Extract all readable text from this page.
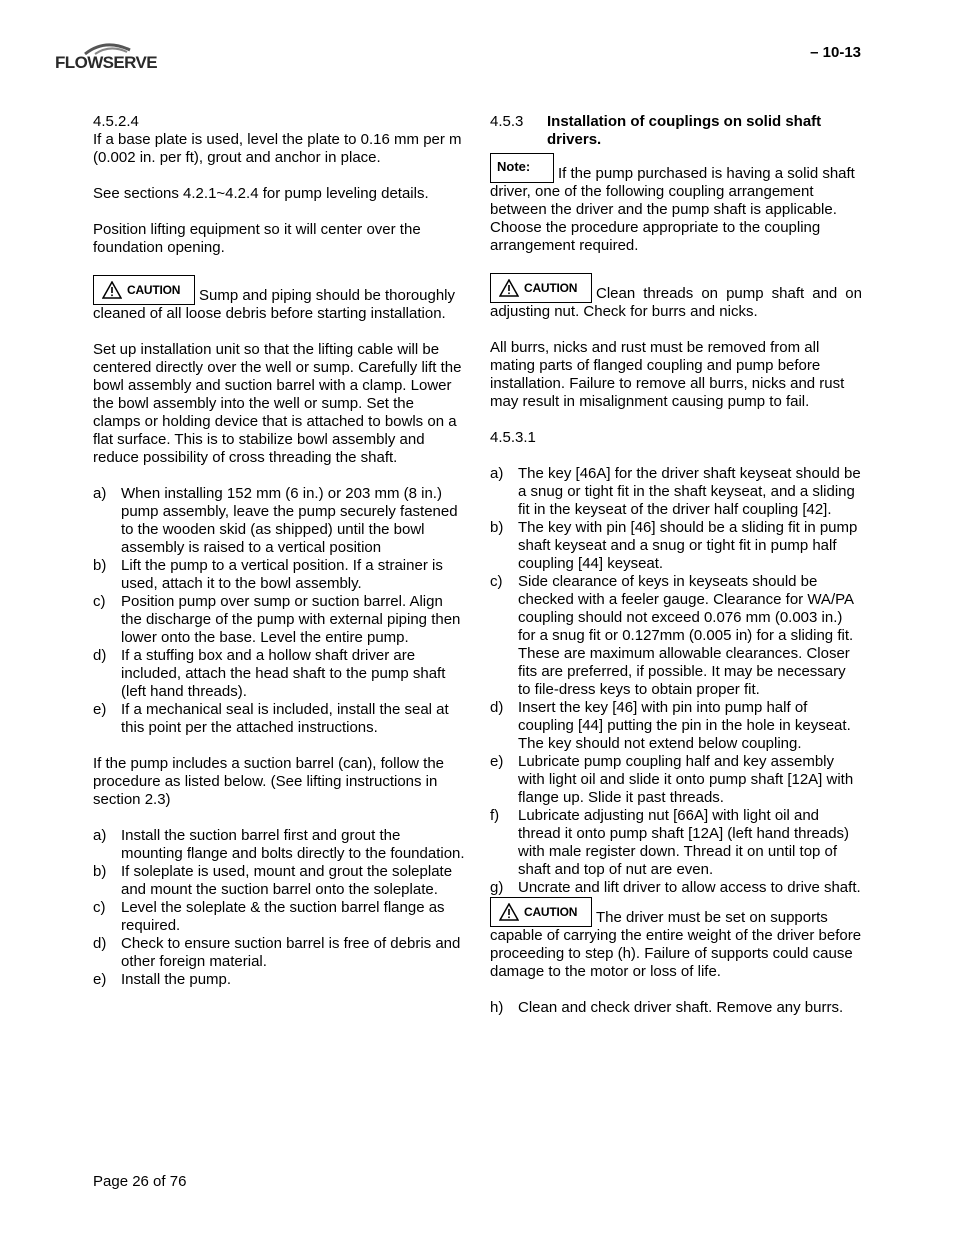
FLOWSERVE
– 10-13

4.5.2.4

If a base plate is used, level the plate to 0.16 mm per m (0.002 in. per ft), grout and anchor in place.

See sections 4.2.1~4.2.4 for pump leveling details.

Position lifting equipment so it will center over the foundation opening.

CAUTION Sump and piping should be thoroughly cleaned of all loose debris before starting installation.

Set up installation unit so that the lifting cable will be centered directly over the well or sump. Carefully lift the bowl assembly and suction barrel with a clamp. Lower the bowl assembly into the well or sump. Set the clamps or holding device that is attached to bowls on a flat surface. This is to stabilize bowl assembly and reduce possibility of cross threading the shaft.

a) When installing 152 mm (6 in.) or 203 mm (8 in.) pump assembly, leave the pump securely fastened to the wooden skid (as shipped) until the bowl assembly is raised to a vertical position
b) Lift the pump to a vertical position. If a strainer is used, attach it to the bowl assembly.
c)	Position pump over sump or suction barrel. Align the discharge of the pump with external piping then lower onto the base. Level the entire pump.
d) If a stuffing box and a hollow shaft driver are included, attach the head shaft to the pump shaft (left hand threads).
e) If a mechanical seal is included, install the seal at this point per the attached instructions.

If the pump includes a suction barrel (can), follow the procedure as listed below. (See lifting instructions in section 2.3)

a) Install the suction barrel first and grout the mounting flange and bolts directly to the foundation.
b) If soleplate is used, mount and grout the soleplate and mount the suction barrel onto the soleplate.
c)	Level the soleplate & the suction barrel flange as required.
d) Check to ensure suction barrel is free of debris and other foreign material.
e) Install the pump.
4.5.3	Installation of couplings on solid shaft drivers.

Note: If the pump purchased is having a solid shaft driver, one of the following coupling arrangement between the driver and the pump shaft is applicable. Choose the procedure appropriate to the coupling arrangement required.

CAUTION Clean threads on pump shaft and on adjusting nut. Check for burrs and nicks.

All burrs, nicks and rust must be removed from all mating parts of flanged coupling and pump before installation. Failure to remove all burrs, nicks and rust may result in misalignment causing pump to fail.

4.5.3.1

a) The key [46A] for the driver shaft keyseat should be a snug or tight fit in the shaft keyseat, and a sliding fit in the keyseat of the driver half coupling [42].
b) The key with pin [46] should be a sliding fit in pump shaft keyseat and a snug or tight fit in pump half coupling [44] keyseat.
c)	Side clearance of keys in keyseats should be checked with a feeler gauge. Clearance for WA/PA coupling should not exceed 0.076 mm (0.003 in.) for a snug fit or 0.127mm (0.005 in) for a sliding fit. These are maximum allowable clearances. Closer fits are preferred, if possible. It may be necessary to file-dress keys to obtain proper fit.
d) Insert the key [46] with pin into pump half of coupling [44] putting the pin in the hole in keyseat. The key should not extend below coupling.
e) Lubricate pump coupling half and key assembly with light oil and slide it onto pump shaft [12A] with flange up. Slide it past threads.
f)	Lubricate adjusting nut [66A] with light oil and thread it onto pump shaft [12A] (left hand threads) with male register down. Thread it on until top of shaft and top of nut are even.
g) Uncrate and lift driver to allow access to drive shaft.

CAUTION The driver must be set on supports capable of carrying the entire weight of the driver before proceeding to step (h). Failure of supports could cause damage to the motor or loss of life.

h) Clean and check driver shaft. Remove any burrs.
Page 26 of 76
